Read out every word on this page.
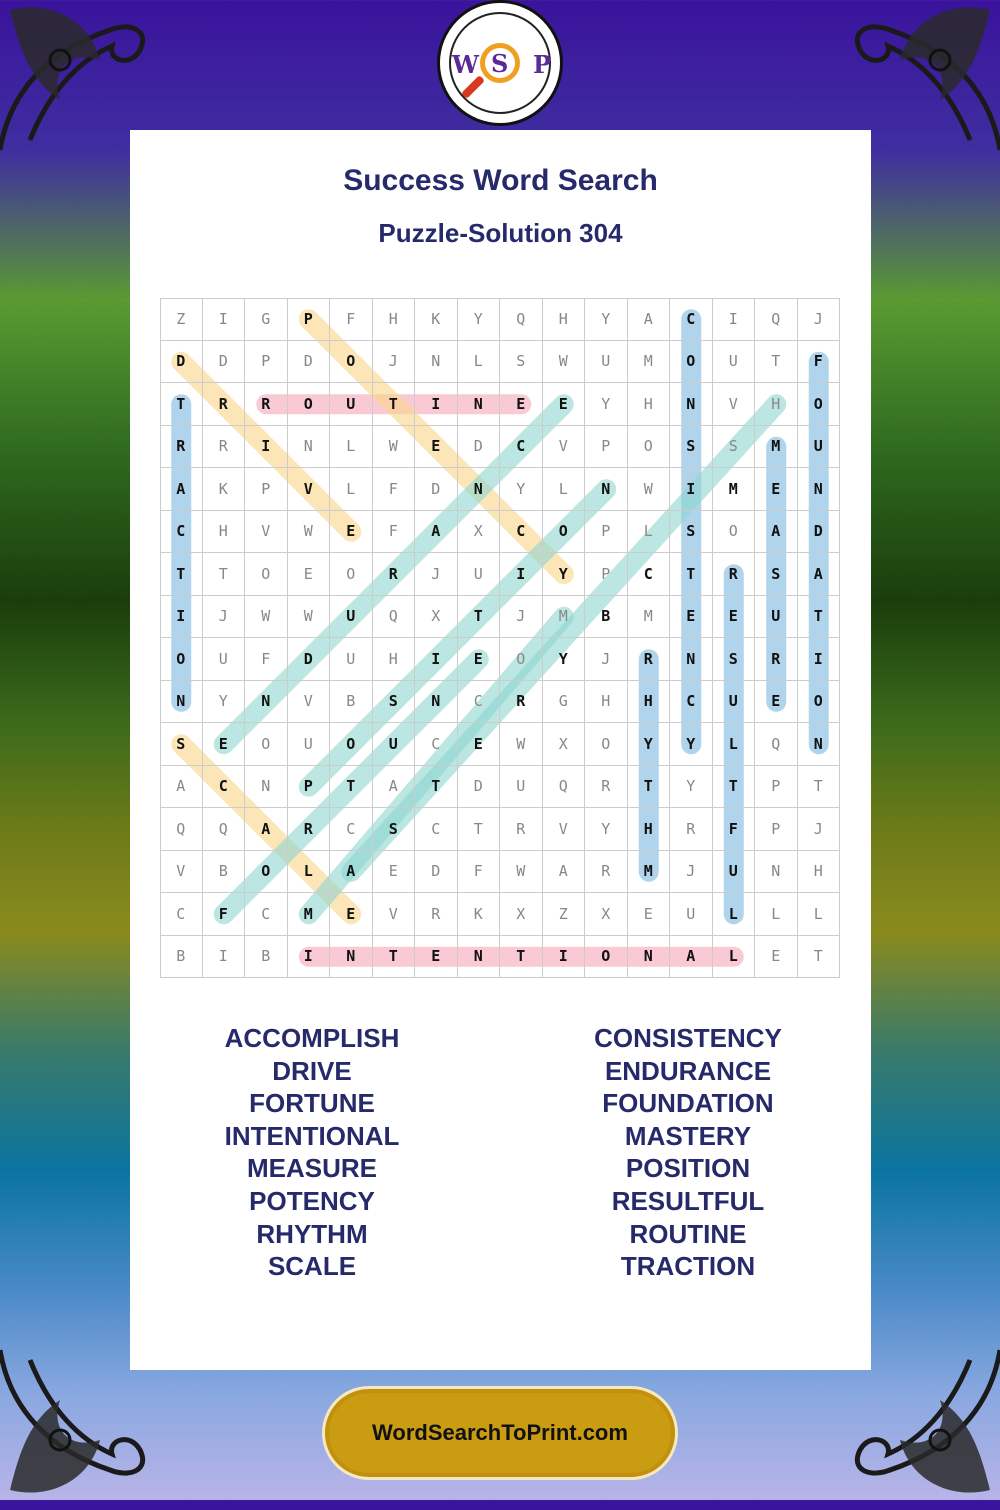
W S P
Success Word Search
Puzzle-Solution 304
Z	I	G	P	F	H	K	Y	Q	H	Y	A	C	I	Q	J
D	D	P	D	O	J	N	L	S	W	U	M	O	U	T	F
T	R	R	O	U	T	I	N	E	E	Y	H	N	V	H	O
R	R	I	N	L	W	E	D	C	V	P	O	S	S	M	U
A	K	P	V	L	F	D	N	Y	L	N	W	I	M	E	N
C	H	V	W	E	F	A	X	C	O	P	L	S	O	A	D
T	T	O	E	O	R	J	U	I	Y	P	C	T	R	S	A
I	J	W	W	U	Q	X	T	J	M	B	M	E	E	U	T
O	U	F	D	U	H	I	E	O	Y	J	R	N	S	R	I
N	Y	N	V	B	S	N	C	R	G	H	H	C	U	E	O
S	E	O	U	O	U	C	E	W	X	O	Y	Y	L	Q	N
A	C	N	P	T	A	T	D	U	Q	R	T	Y	T	P	T
Q	Q	A	R	C	S	C	T	R	V	Y	H	R	F	P	J
V	B	O	L	A	E	D	F	W	A	R	M	J	U	N	H
C	F	C	M	E	V	R	K	X	Z	X	E	U	L	L	L
B	I	B	I	N	T	E	N	T	I	O	N	A	L	E	T
ACCOMPLISH
DRIVE
FORTUNE
INTENTIONAL
MEASURE
POTENCY
RHYTHM
SCALE
CONSISTENCY
ENDURANCE
FOUNDATION
MASTERY
POSITION
RESULTFUL
ROUTINE
TRACTION
WordSearchToPrint.com
